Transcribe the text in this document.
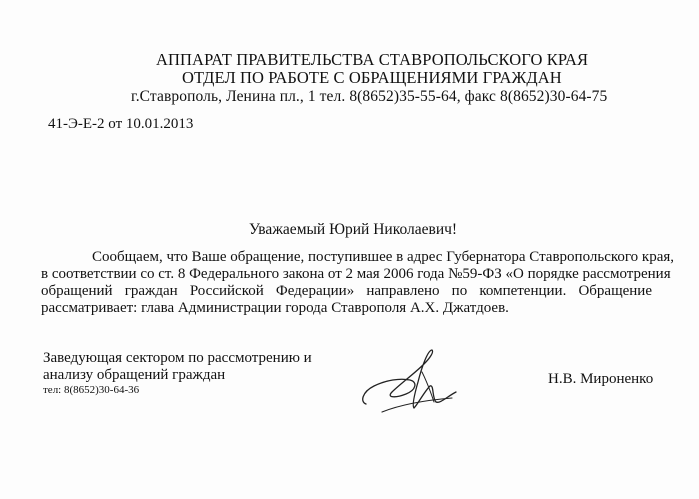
АППАРАТ ПРАВИТЕЛЬСТВА СТАВРОПОЛЬСКОГО КРАЯ
ОТДЕЛ ПО РАБОТЕ С ОБРАЩЕНИЯМИ ГРАЖДАН
г.Ставрополь, Ленина пл., 1 тел. 8(8652)35-55-64, факс 8(8652)30-64-75
41-Э-Е-2 от 10.01.2013
Уважаемый Юрий Николаевич!
Сообщаем, что Ваше обращение, поступившее в адрес Губернатора Ставропольского края,
в соответствии со ст. 8 Федерального закона от 2 мая 2006 года №59-ФЗ «О порядке рассмотрения
обращений граждан Российской Федерации» направлено по компетенции. Обращение
рассматривает: глава Администрации города Ставрополя А.Х. Джатдоев.
Заведующая сектором по рассмотрению и
анализу обращений граждан
тел: 8(8652)30-64-36
Н.В. Мироненко
